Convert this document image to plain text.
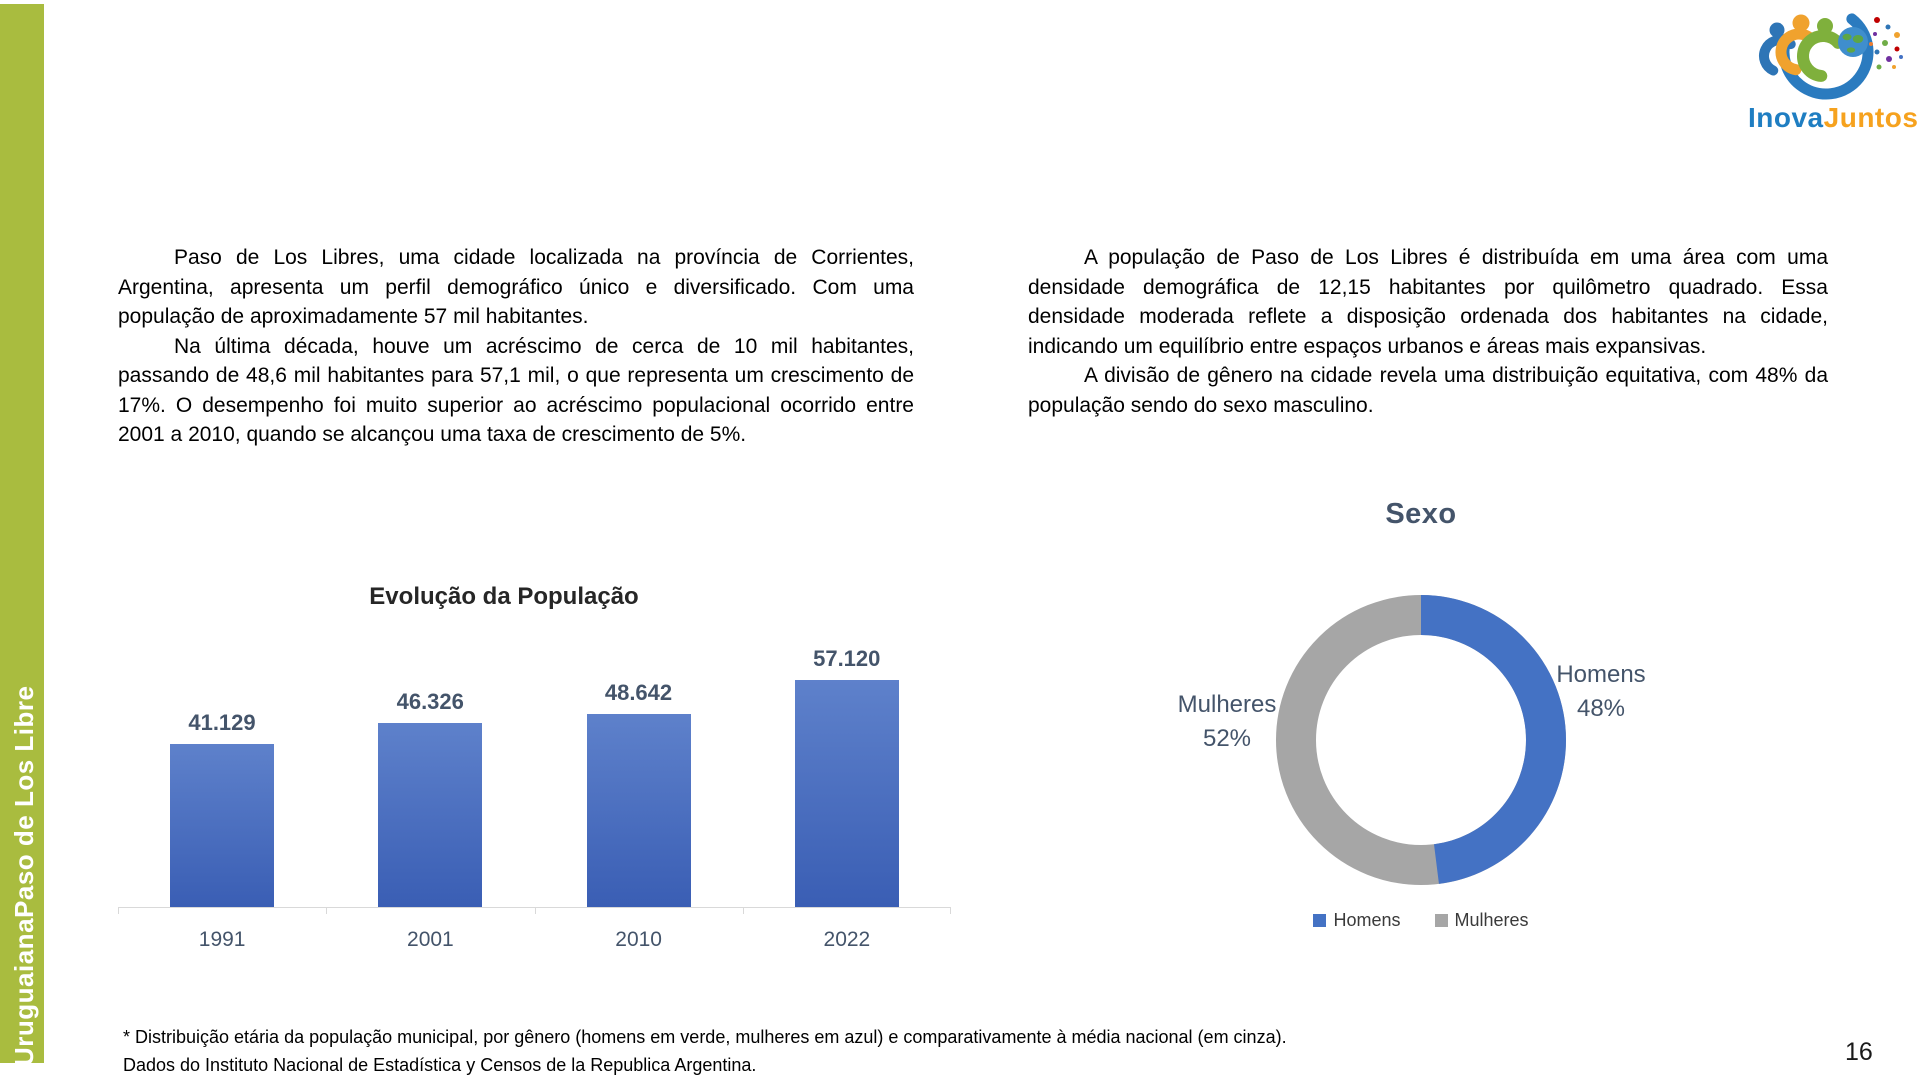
UruguaianaPaso de Los Libre
InovaJuntos

Paso de Los Libres, uma cidade localizada na província de Corrientes, Argentina, apresenta um perfil demográfico único e diversificado. Com uma população de aproximadamente 57 mil habitantes.

Na última década, houve um acréscimo de cerca de 10 mil habitantes, passando de 48,6 mil habitantes para 57,1 mil, o que representa um crescimento de 17%. O desempenho foi muito superior ao acréscimo populacional ocorrido entre 2001 a 2010, quando se alcançou uma taxa de crescimento de 5%.

A população de Paso de Los Libres é distribuída em uma área com uma densidade demográfica de 12,15 habitantes por quilômetro quadrado. Essa densidade moderada reflete a disposição ordenada dos habitantes na cidade, indicando um equilíbrio entre espaços urbanos e áreas mais expansivas.

A divisão de gênero na cidade revela uma distribuição equitativa, com 48% da população sendo do sexo masculino.

Evolução da População
41.129
46.326	48.642
57.120
1991	2001	2010	2022
Sexo
Homens
48%
Mulheres
52%
Homens	Mulheres
* Distribuição etária da população municipal, por gênero (homens em verde, mulheres em azul) e comparativamente à média nacional (em cinza).
Dados do Instituto Nacional de Estadística y Censos de la Republica Argentina.	16
